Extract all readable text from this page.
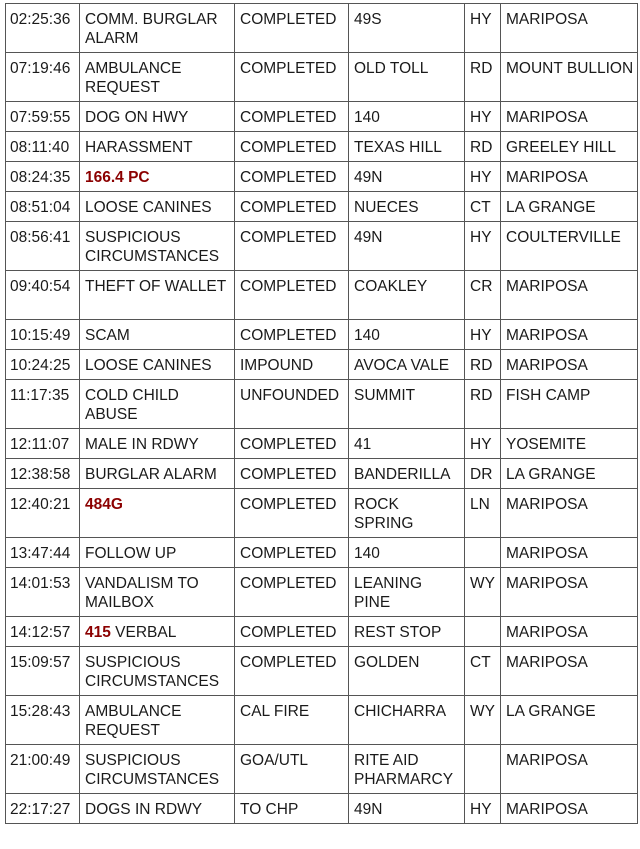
02:25:36	COMM. BURGLAR ALARM	COMPLETED	49S	HY	MARIPOSA
07:19:46	AMBULANCE REQUEST	COMPLETED	OLD TOLL	RD	MOUNT BULLION
07:59:55	DOG ON HWY	COMPLETED	140	HY	MARIPOSA
08:11:40	HARASSMENT	COMPLETED	TEXAS HILL	RD	GREELEY HILL
08:24:35	166.4 PC	COMPLETED	49N	HY	MARIPOSA
08:51:04	LOOSE CANINES	COMPLETED	NUECES	CT	LA GRANGE
08:56:41	SUSPICIOUS CIRCUMSTANCES	COMPLETED	49N	HY	COULTERVILLE
09:40:54	THEFT OF WALLET	COMPLETED	COAKLEY	CR	MARIPOSA
10:15:49	SCAM	COMPLETED	140	HY	MARIPOSA
10:24:25	LOOSE CANINES	IMPOUND	AVOCA VALE	RD	MARIPOSA
11:17:35	COLD CHILD ABUSE	UNFOUNDED	SUMMIT	RD	FISH CAMP
12:11:07	MALE IN RDWY	COMPLETED	41	HY	YOSEMITE
12:38:58	BURGLAR ALARM	COMPLETED	BANDERILLA	DR	LA GRANGE
12:40:21	484G	COMPLETED	ROCK SPRING	LN	MARIPOSA
13:47:44	FOLLOW UP	COMPLETED	140		MARIPOSA
14:01:53	VANDALISM TO MAILBOX	COMPLETED	LEANING PINE	WY	MARIPOSA
14:12:57	415 VERBAL	COMPLETED	REST STOP		MARIPOSA
15:09:57	SUSPICIOUS CIRCUMSTANCES	COMPLETED	GOLDEN	CT	MARIPOSA
15:28:43	AMBULANCE REQUEST	CAL FIRE	CHICHARRA	WY	LA GRANGE
21:00:49	SUSPICIOUS CIRCUMSTANCES	GOA/UTL	RITE AID PHARMARCY		MARIPOSA
22:17:27	DOGS IN RDWY	TO CHP	49N	HY	MARIPOSA
